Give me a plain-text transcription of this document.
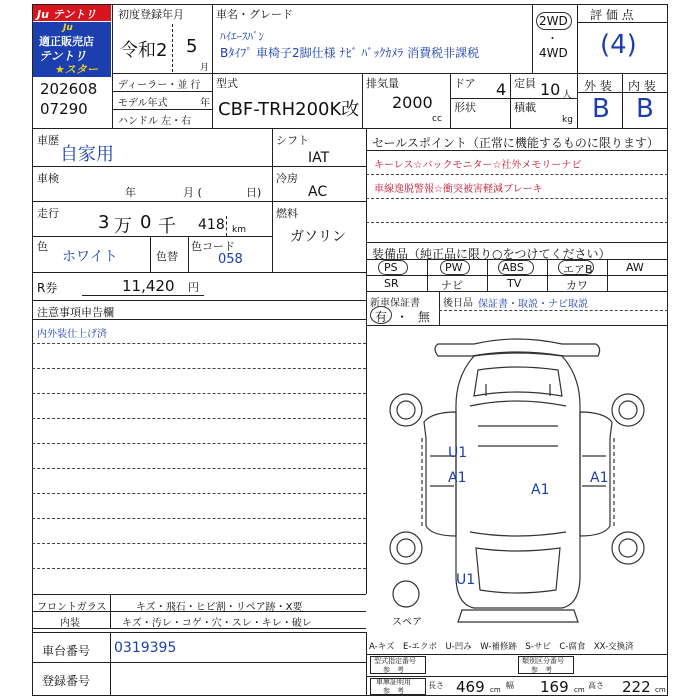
Ju テントリ
Ju
適正販売店
テントリ
★スター
初度登録年月
令和2 5
月
車名・グレード
ﾊｲｴｰｽﾊﾞﾝ
Bﾀｲﾌﾟ 車椅子2脚仕様 ﾅﾋﾞ ﾊﾞｯｸｶﾒﾗ 消費税非課税
2WD
・
4WD
評 価 点
(4)
202608
07290
ディーラー・並 行
モデル年式	年
ハンドル 左・右
型式
CBF-TRH200K改
排気量
2000
cc
ドア 4
形状
定員 10 人
積載
kg
外 装 内 装
B B
車歴
自家用
車検
年	月 (	日)
走行 3 万 0 千 418 km
色
ホワイト	色替
色コード
058
シフト
IAT
冷房
AC
燃料
ガソリン
R券	11,420 円
注意事項申告欄
内外装仕上げ済
セールスポイント（正常に機能するものに限ります）
キーレス☆バックモニター☆社外メモリーナビ
車線逸脱警報☆衝突被害軽減ブレーキ
装備品（純正品に限り○をつけてください）
PS	PW	ABS	エアB	AW
SR	ナビ	TV	カワ
新車保証書
有 ・ 無
後日品 保証書・取説・ナビ取説
U1
A1
A1
A1
U1
スペア
フロントガラス	キズ・飛石・ヒビ割・リペア跡・X要
内装	キズ・汚レ・コゲ・穴・スレ・キレ・破レ
車台番号 0319395
登録番号
A-キズ　E-エクボ　U-凹み　W-補修跡　S-サビ　C-腐食　XX-交換済
型式指定番号
参　考
類別区分番号
参　考
車庫証明用
参　考
長さ 469 cm 幅 169 cm 高さ 222 cm
